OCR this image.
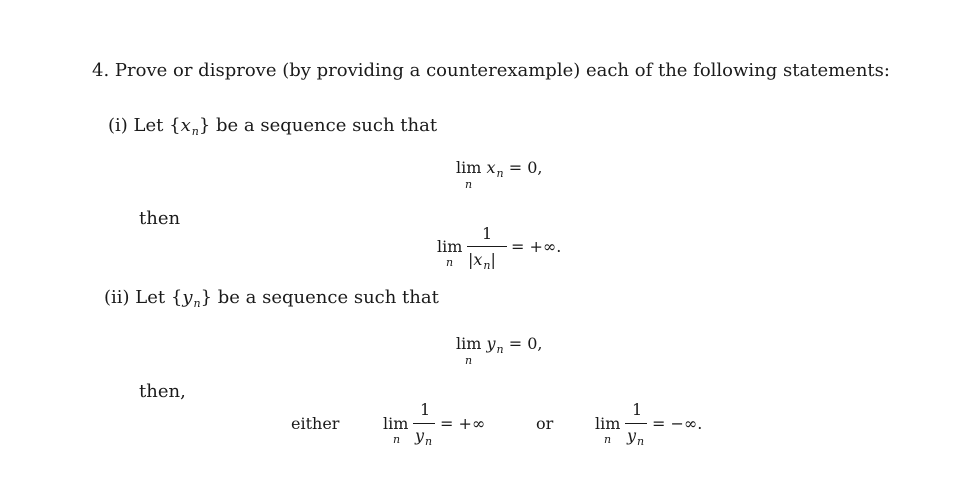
4. Prove or disprove (by providing a counterexample) each of the following statements:
(i) Let $\{x_n\}$ be a sequence such that
$\lim x_n = 0$,
n
then
lim
n
1
$|x_n|$
= +∞.
(ii) Let $\{y_n\}$ be a sequence such that
$\lim y_n = 0$,
n
then,
either	lim
n
1
$y_n$
= +∞	or	lim
n
1
$y_n$
= −∞.
